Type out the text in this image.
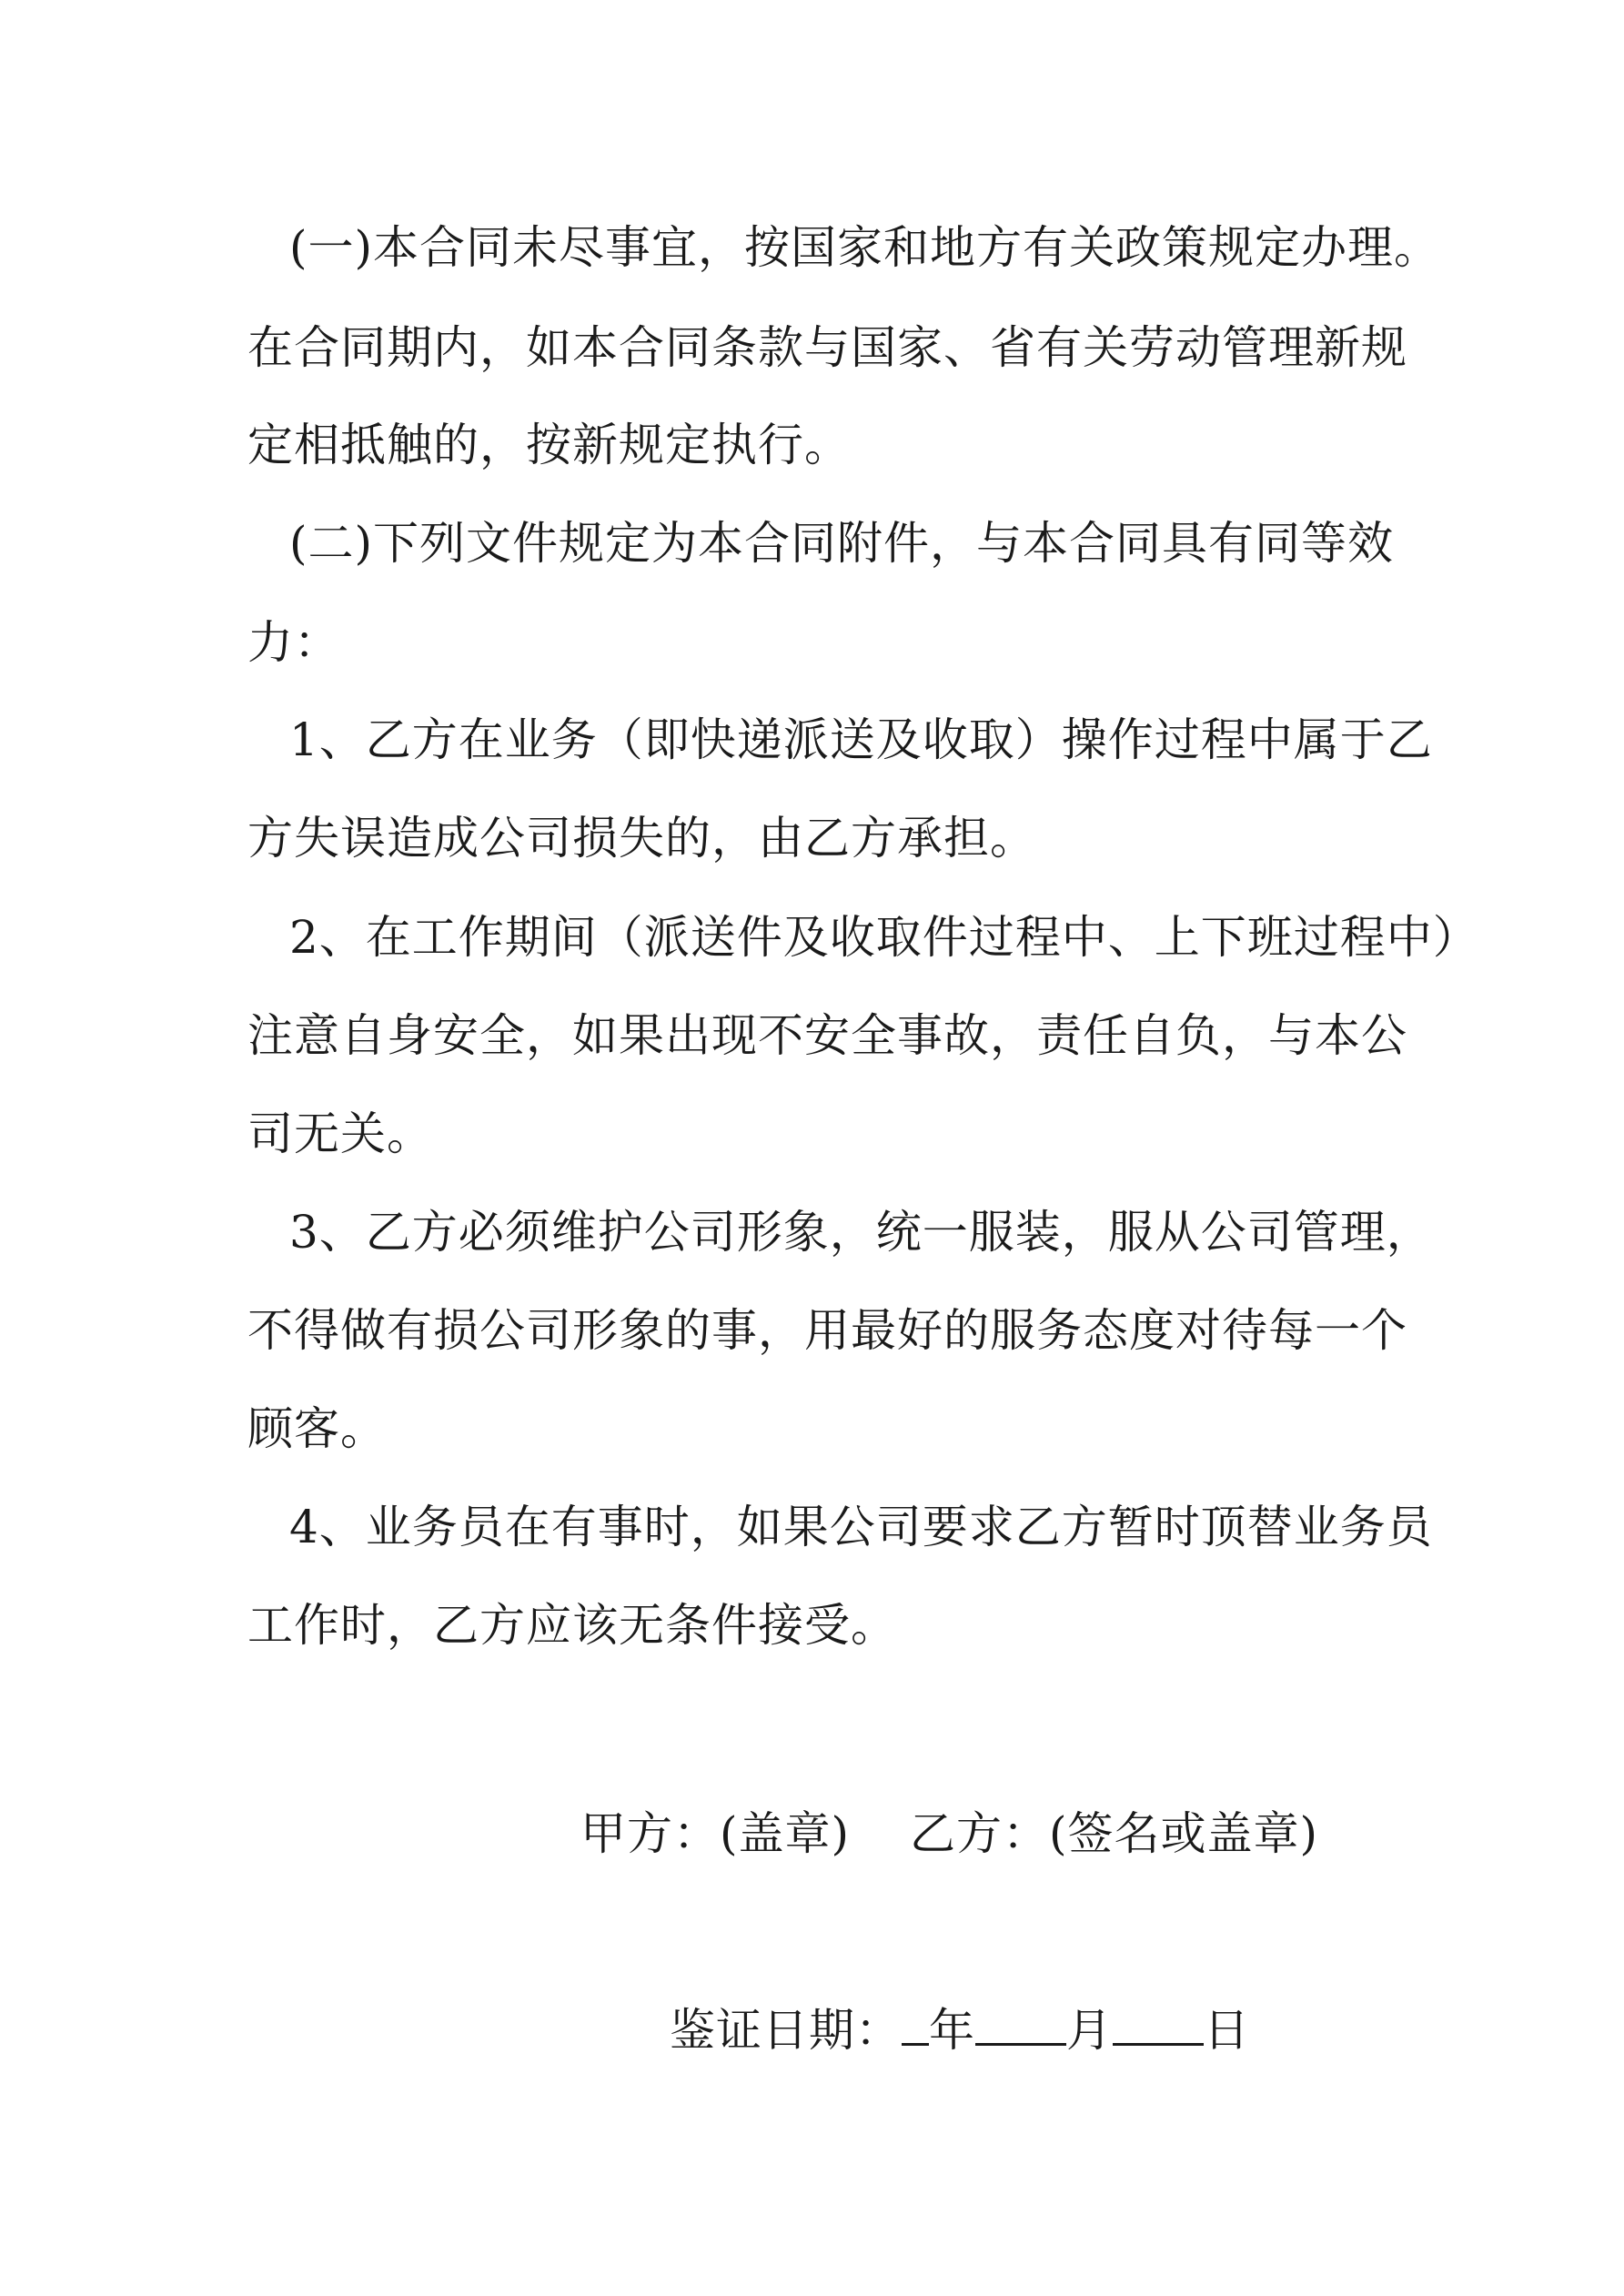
(一)本合同未尽事宜，按国家和地方有关政策规定办理。

在合同期内，如本合同条款与国家、省有关劳动管理新规

定相抵触的，按新规定执行。

(二)下列文件规定为本合同附件，与本合同具有同等效

力：

1、乙方在业务（即快递派送及收取）操作过程中属于乙

方失误造成公司损失的，由乙方承担。

2、在工作期间（派送件及收取件过程中、上下班过程中）

注意自身安全，如果出现不安全事故，责任自负，与本公

司无关。

3、乙方必须维护公司形象，统一服装，服从公司管理，

不得做有损公司形象的事，用最好的服务态度对待每一个

顾客。

4、业务员在有事时，如果公司要求乙方暂时顶替业务员

工作时，乙方应该无条件接受。

甲方：(盖章) 乙方：(签名或盖章)

鉴证日期： 年 月 日
